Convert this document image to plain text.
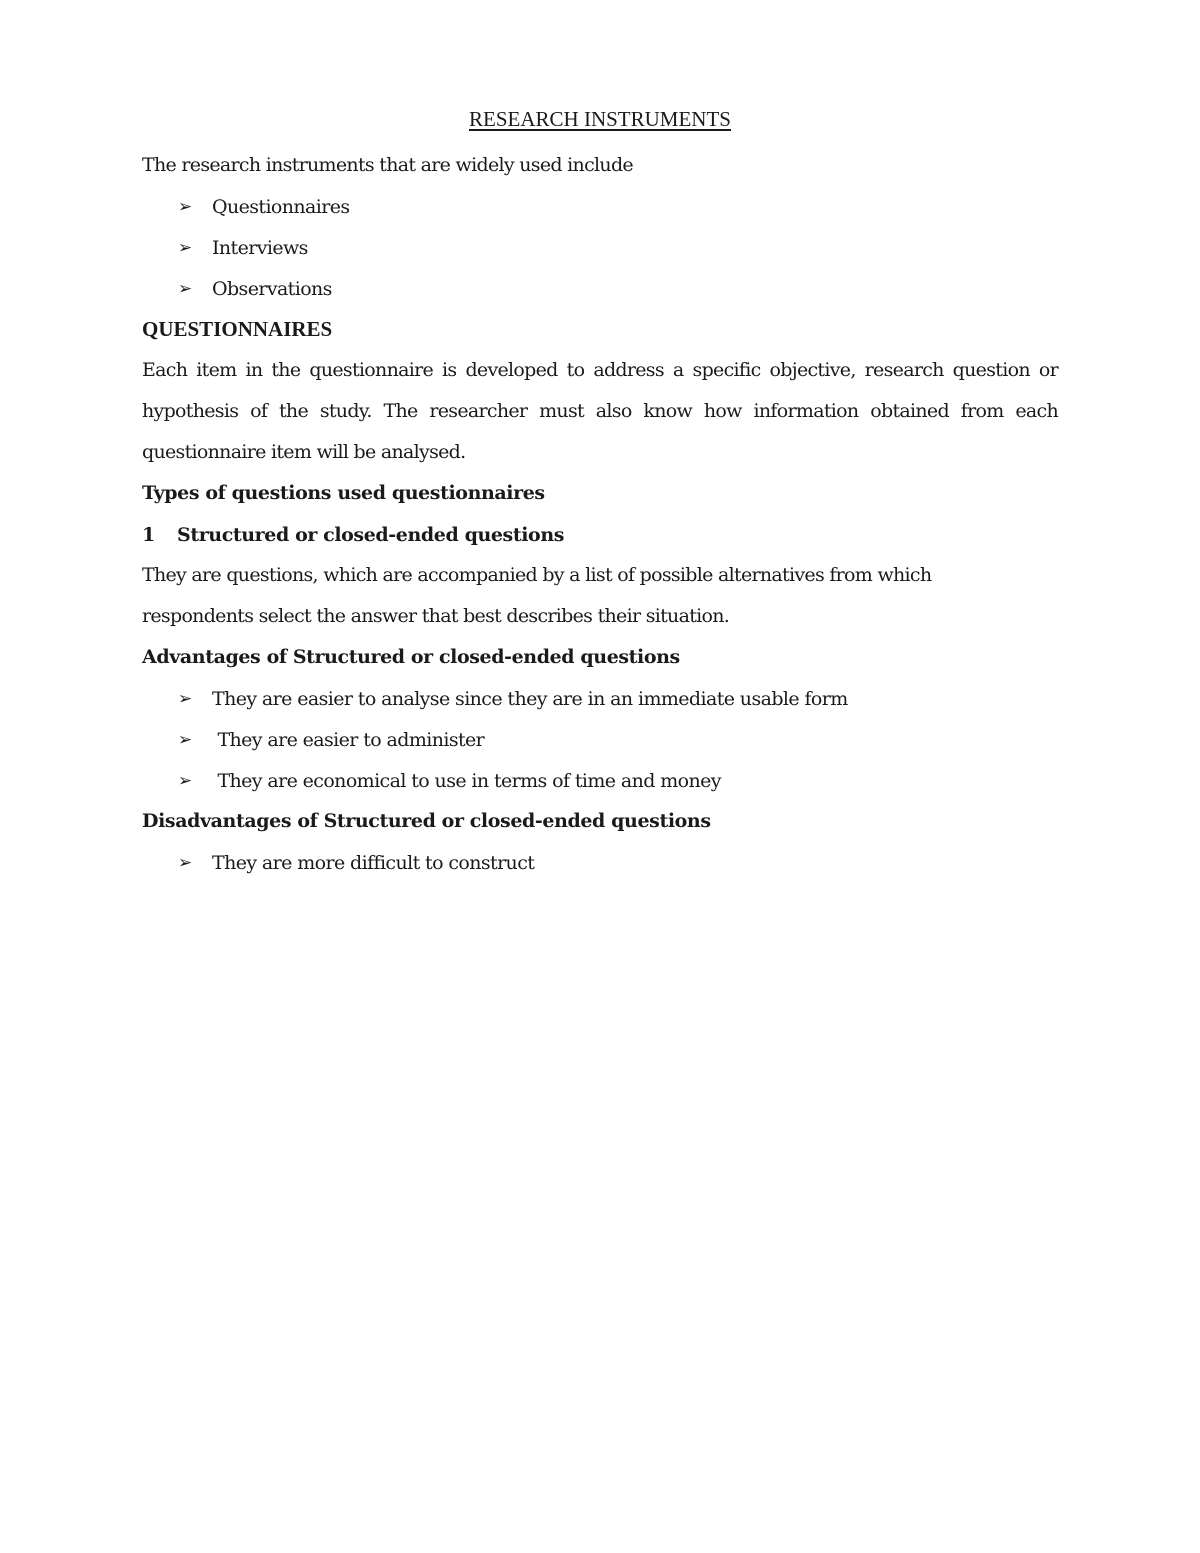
RESEARCH INSTRUMENTS

The research instruments that are widely used include

➢	Questionnaires
➢	Interviews
➢	Observations

QUESTIONNAIRES

Each item in the questionnaire is developed to address a specific objective, research question or

hypothesis of the study. The researcher must also know how information obtained from each

questionnaire item will be analysed.

Types of questions used questionnaires

1	Structured or closed-ended questions

They are questions, which are accompanied by a list of possible alternatives from which

respondents select the answer that best describes their situation.

Advantages of Structured or closed-ended questions

➢	They are easier to analyse since they are in an immediate usable form
➢	They are easier to administer
➢	They are economical to use in terms of time and money

Disadvantages of Structured or closed-ended questions

➢	They are more difficult to construct
